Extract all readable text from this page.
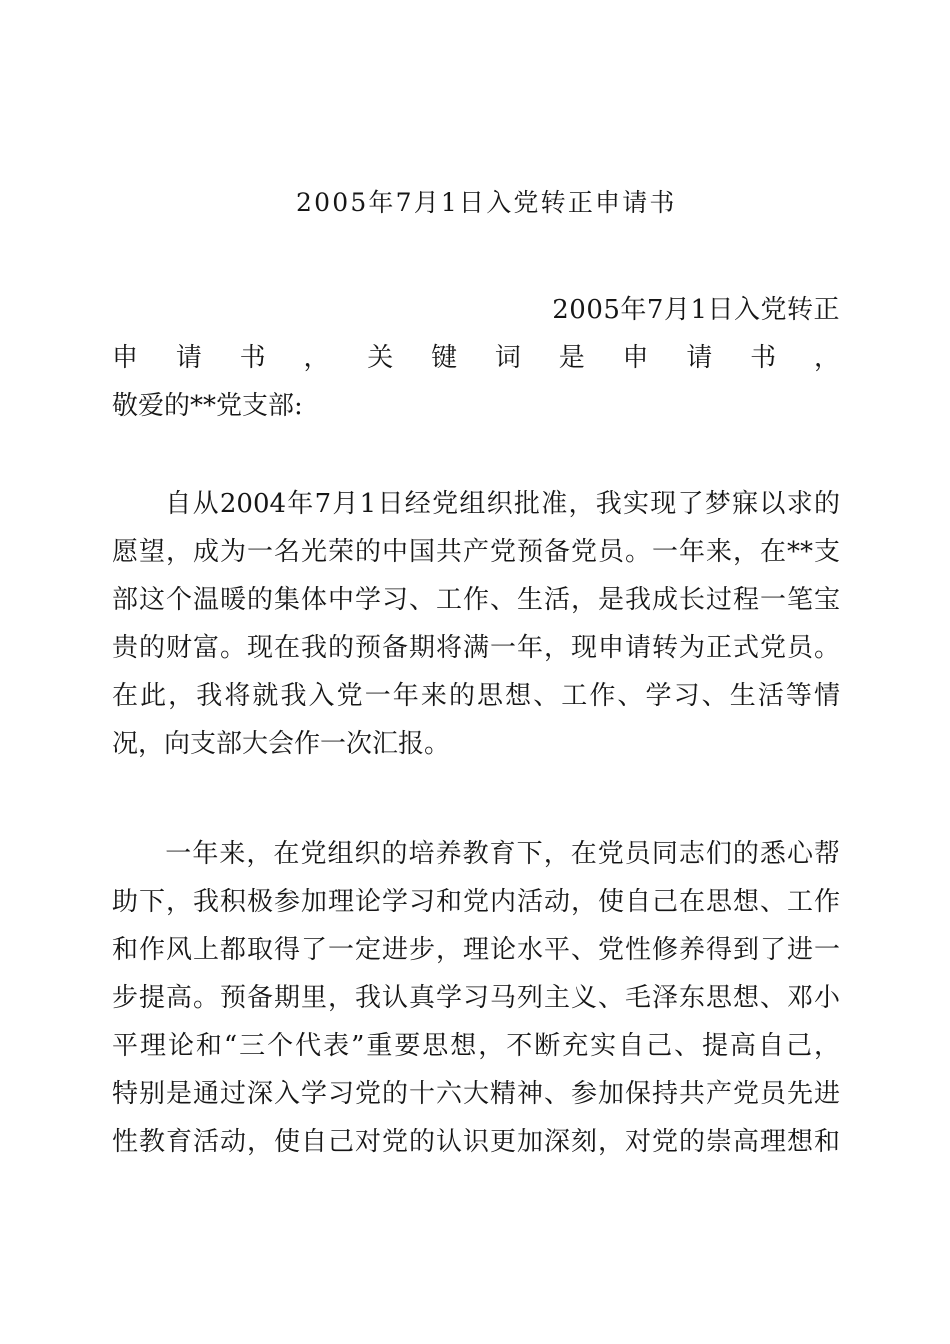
2005年7月1日入党转正申请书
2005年7月1日入党转正
申请书，关键词是申请书，
敬爱的**党支部:
自从2004年7月1日经党组织批准，我实现了梦寐以求的
愿望，成为一名光荣的中国共产党预备党员。一年来，在**支
部这个温暖的集体中学习、工作、生活，是我成长过程一笔宝
贵的财富。现在我的预备期将满一年，现申请转为正式党员。
在此，我将就我入党一年来的思想、工作、学习、生活等情
况，向支部大会作一次汇报。
一年来，在党组织的培养教育下，在党员同志们的悉心帮
助下，我积极参加理论学习和党内活动，使自己在思想、工作
和作风上都取得了一定进步，理论水平、党性修养得到了进一
步提高。预备期里，我认真学习马列主义、毛泽东思想、邓小
平理论和“三个代表”重要思想，不断充实自己、提高自己，
特别是通过深入学习党的十六大精神、参加保持共产党员先进
性教育活动，使自己对党的认识更加深刻，对党的崇高理想和
